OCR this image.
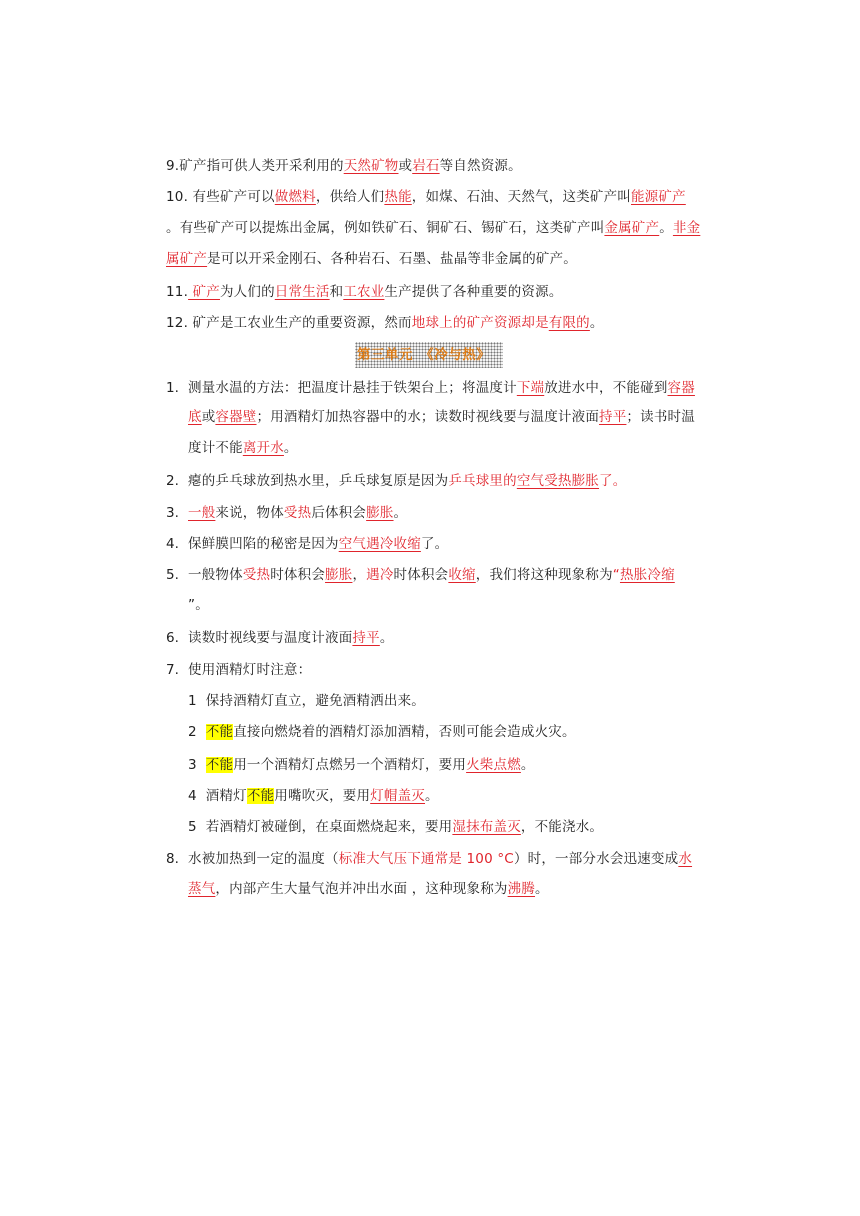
9.矿产指可供人类开采利用的天然矿物或岩石等自然资源。
10. 有些矿产可以做燃料，供给人们热能，如煤、石油、天然气，这类矿产叫能源矿产
。有些矿产可以提炼出金属，例如铁矿石、铜矿石、锡矿石，这类矿产叫金属矿产。非金
属矿产是可以开采金刚石、各种岩石、石墨、盐晶等非金属的矿产。
11. 矿产为人们的日常生活和工农业生产提供了各种重要的资源。
12. 矿产是工农业生产的重要资源，然而地球上的矿产资源却是有限的。
第三单元　《冷与热》
1. 测量水温的方法：把温度计悬挂于铁架台上；将温度计下端放进水中，不能碰到容器
底或容器壁；用酒精灯加热容器中的水；读数时视线要与温度计液面持平；读书时温
度计不能离开水。
2. 瘪的乒乓球放到热水里，乒乓球复原是因为乒乓球里的空气受热膨胀了。
3. 一般来说，物体受热后体积会膨胀。
4. 保鲜膜凹陷的秘密是因为空气遇冷收缩了。
5. 一般物体受热时体积会膨胀，遇冷时体积会收缩，我们将这种现象称为“热胀冷缩
”。
6. 读数时视线要与温度计液面持平。
7. 使用酒精灯时注意：
1 保持酒精灯直立，避免酒精洒出来。
2 不能直接向燃烧着的酒精灯添加酒精，否则可能会造成火灾。
3 不能用一个酒精灯点燃另一个酒精灯，要用火柴点燃。
4 酒精灯不能用嘴吹灭，要用灯帽盖灭。
5 若酒精灯被碰倒，在桌面燃烧起来，要用湿抹布盖灭，不能浇水。
8. 水被加热到一定的温度（标准大气压下通常是 100 °C）时，一部分水会迅速变成水
蒸气，内部产生大量气泡并冲出水面 ，这种现象称为沸腾。
